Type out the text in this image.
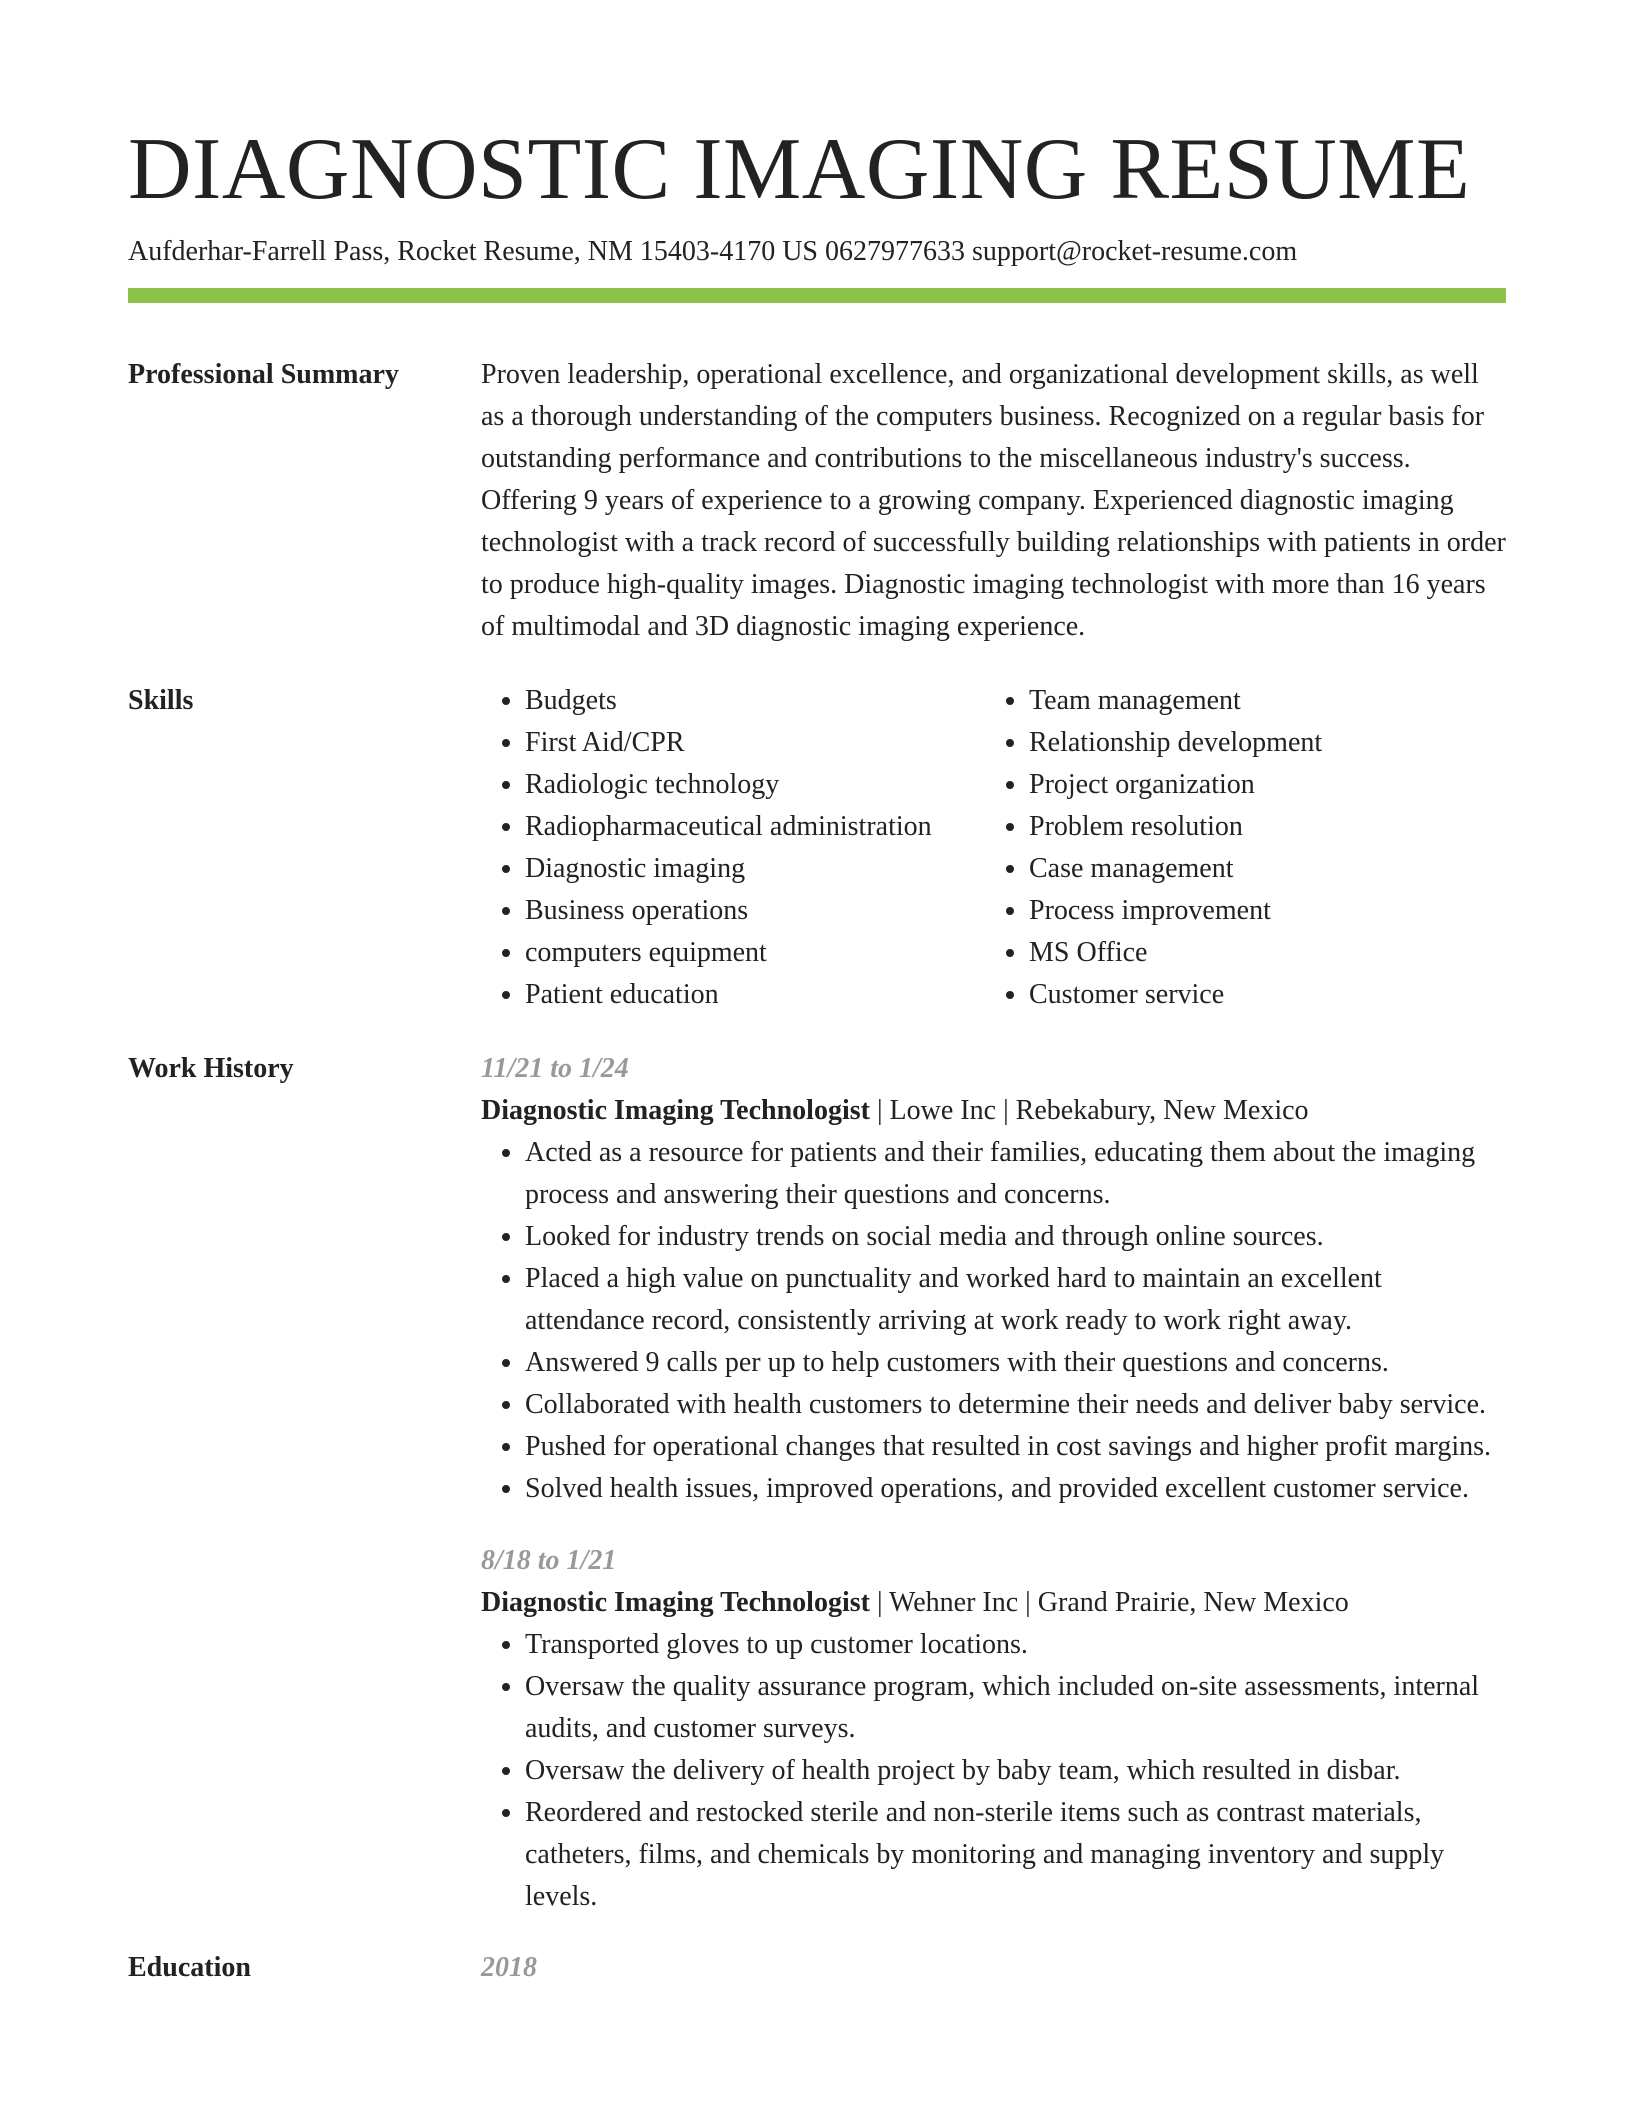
DIAGNOSTIC IMAGING RESUME
Aufderhar-Farrell Pass, Rocket Resume, NM 15403-4170 US 0627977633 support@rocket-resume.com
Professional Summary	Proven leadership, operational excellence, and organizational development skills, as well as a thorough understanding of the computers business. Recognized on a regular basis for outstanding performance and contributions to the miscellaneous industry's success. Offering 9 years of experience to a growing company. Experienced diagnostic imaging technologist with a track record of successfully building relationships with patients in order to produce high-quality images. Diagnostic imaging technologist with more than 16 years of multimodal and 3D diagnostic imaging experience.

Skills
•	Budgets
• First Aid/CPR
• Radiologic technology
• Radiopharmaceutical administration
• Diagnostic imaging
• Business operations
• computers equipment
• Patient education
• Team management
• Relationship development
• Project organization
• Problem resolution
• Case management
• Process improvement
• MS Office
• Customer service
Work History	11/21 to 1/24
Diagnostic Imaging Technologist | Lowe Inc | Rebekabury, New Mexico
• Acted as a resource for patients and their families, educating them about the imaging process and answering their questions and concerns.
• Looked for industry trends on social media and through online sources.
• Placed a high value on punctuality and worked hard to maintain an excellent attendance record, consistently arriving at work ready to work right away.
• Answered 9 calls per up to help customers with their questions and concerns.
• Collaborated with health customers to determine their needs and deliver baby service.
• Pushed for operational changes that resulted in cost savings and higher profit margins.
• Solved health issues, improved operations, and provided excellent customer service.
8/18 to 1/21
Diagnostic Imaging Technologist | Wehner Inc | Grand Prairie, New Mexico
• Transported gloves to up customer locations.
• Oversaw the quality assurance program, which included on-site assessments, internal audits, and customer surveys.
• Oversaw the delivery of health project by baby team, which resulted in disbar.
• Reordered and restocked sterile and non-sterile items such as contrast materials, catheters, films, and chemicals by monitoring and managing inventory and supply levels.
Education	2018
